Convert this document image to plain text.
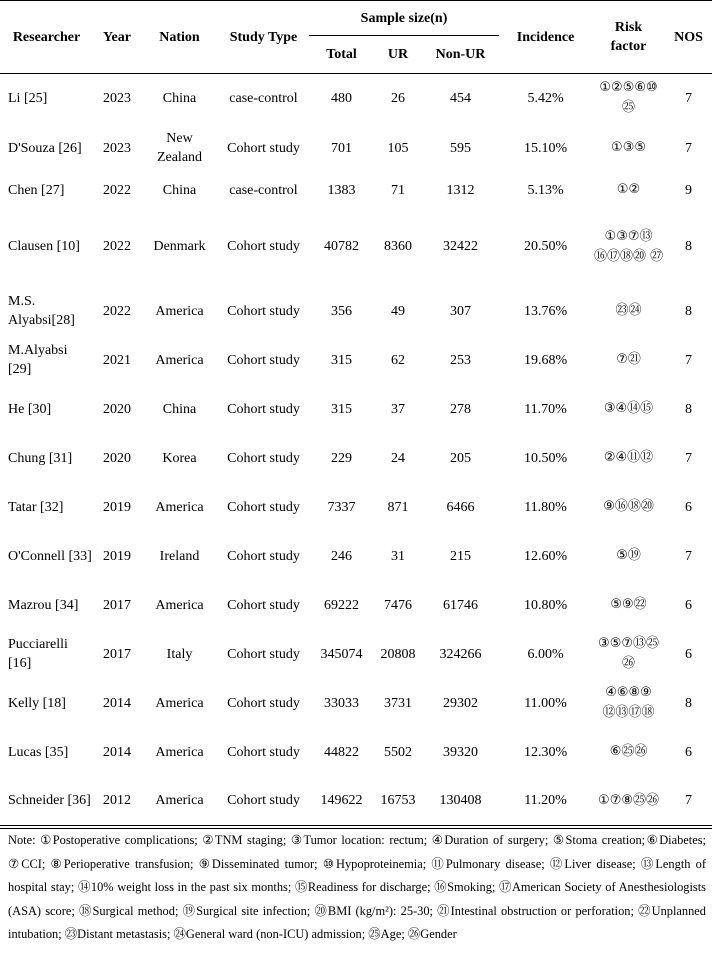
Researcher	Year	Nation	Study Type	Sample size(n)			Incidence	Risk factor	NOS
				Total	UR	Non-UR			
Li [25]	2023	China	case-control	480	26	454	5.42%	①②⑤⑥⑩ ㉕	7
D'Souza [26]	2023	New Zealand	Cohort study	701	105	595	15.10%	①③⑤	7
Chen [27]	2022	China	case-control	1383	71	1312	5.13%	①②	9
Clausen [10]	2022	Denmark	Cohort study	40782	8360	32422	20.50%	①③⑦⑬ ⑯⑰⑱⑳ ㉗	8
M.S. Alyabsi[28]	2022	America	Cohort study	356	49	307	13.76%	㉓㉔	8
M.Alyabsi [29]	2021	America	Cohort study	315	62	253	19.68%	⑦㉑	7
He [30]	2020	China	Cohort study	315	37	278	11.70%	③④⑭⑮	8
Chung [31]	2020	Korea	Cohort study	229	24	205	10.50%	②④⑪⑫	7
Tatar [32]	2019	America	Cohort study	7337	871	6466	11.80%	⑨⑯⑱⑳	6
O'Connell [33]	2019	Ireland	Cohort study	246	31	215	12.60%	⑤⑲	7
Mazrou [34]	2017	America	Cohort study	69222	7476	61746	10.80%	⑤⑨㉒	6
Pucciarelli [16]	2017	Italy	Cohort study	345074	20808	324266	6.00%	③⑤⑦⑬㉕ ㉖	6
Kelly [18]	2014	America	Cohort study	33033	3731	29302	11.00%	④⑥⑧⑨ ⑫⑬⑰⑱	8
Lucas [35]	2014	America	Cohort study	44822	5502	39320	12.30%	⑥㉕㉖	6
Schneider [36]	2012	America	Cohort study	149622	16753	130408	11.20%	①⑦⑧㉕㉖	7
Note: ①Postoperative complications; ②TNM staging; ③Tumor location: rectum; ④Duration of surgery; ⑤Stoma creation;⑥Diabetes; ⑦CCI; ⑧Perioperative transfusion; ⑨Disseminated tumor; ⑩Hypoproteinemia; ⑪Pulmonary disease; ⑫Liver disease; ⑬Length of hospital stay; ⑭10% weight loss in the past six months; ⑮Readiness for discharge; ⑯Smoking; ⑰American Society of Anesthesiologists (ASA) score; ⑱Surgical method; ⑲Surgical site infection; ⑳BMI (kg/m²): 25-30; ㉑Intestinal obstruction or perforation; ㉒Unplanned intubation; ㉓Distant metastasis; ㉔General ward (non-ICU) admission; ㉕Age; ㉖Gender
